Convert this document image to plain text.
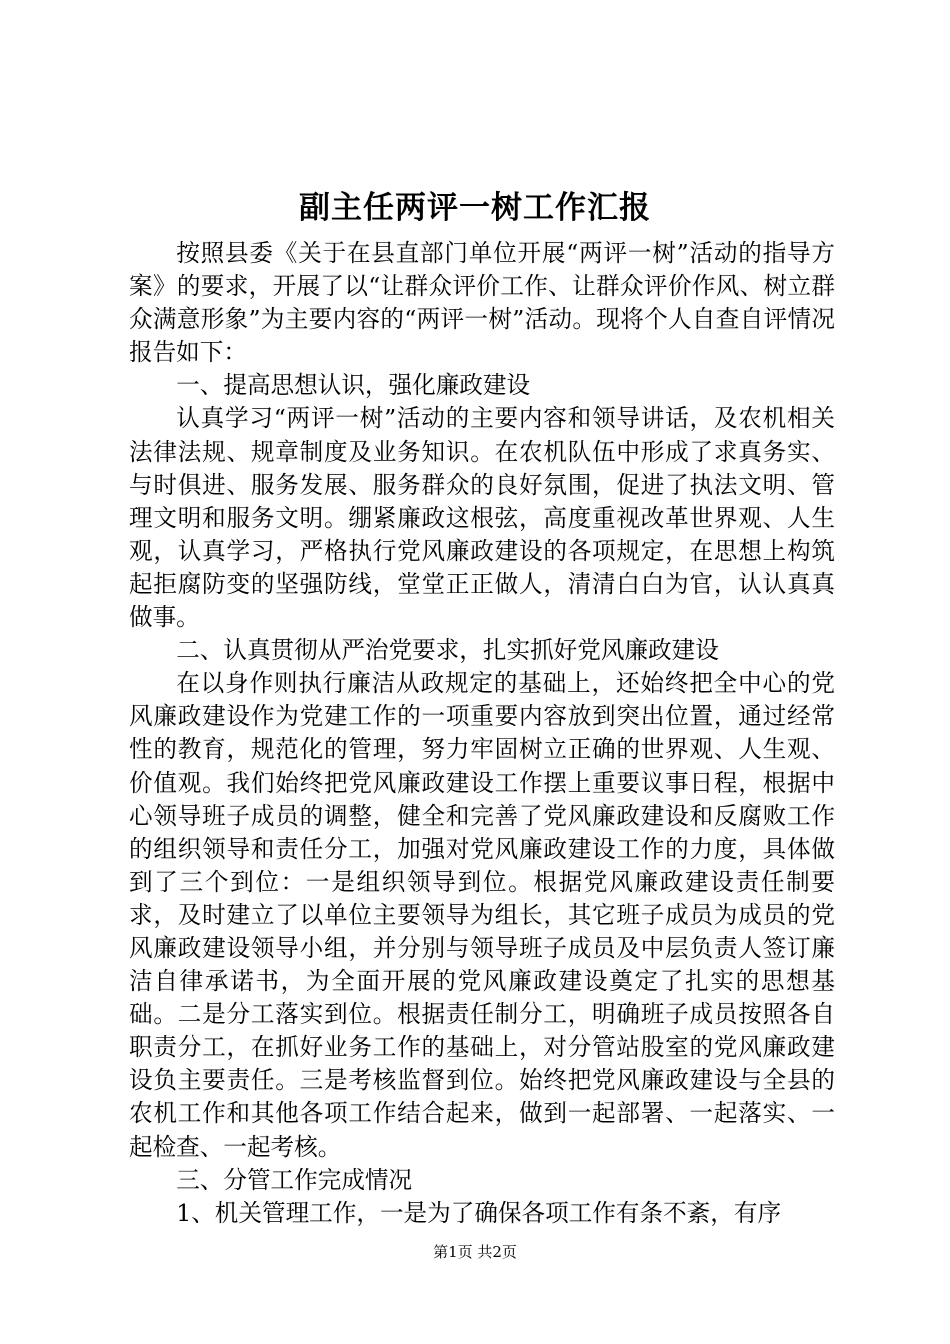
副主任两评一树工作汇报

按照县委《关于在县直部门单位开展“两评一树”活动的指导方案》的要求，开展了以“让群众评价工作、让群众评价作风、树立群众满意形象”为主要内容的“两评一树”活动。现将个人自查自评情况报告如下：

一、提高思想认识，强化廉政建设

认真学习“两评一树”活动的主要内容和领导讲话，及农机相关法律法规、规章制度及业务知识。在农机队伍中形成了求真务实、与时俱进、服务发展、服务群众的良好氛围，促进了执法文明、管理文明和服务文明。绷紧廉政这根弦，高度重视改革世界观、人生观，认真学习，严格执行党风廉政建设的各项规定，在思想上构筑起拒腐防变的坚强防线，堂堂正正做人，清清白白为官，认认真真做事。

二、认真贯彻从严治党要求，扎实抓好党风廉政建设

在以身作则执行廉洁从政规定的基础上，还始终把全中心的党风廉政建设作为党建工作的一项重要内容放到突出位置，通过经常性的教育，规范化的管理，努力牢固树立正确的世界观、人生观、价值观。我们始终把党风廉政建设工作摆上重要议事日程，根据中心领导班子成员的调整，健全和完善了党风廉政建设和反腐败工作的组织领导和责任分工，加强对党风廉政建设工作的力度，具体做到了三个到位：一是组织领导到位。根据党风廉政建设责任制要求，及时建立了以单位主要领导为组长，其它班子成员为成员的党风廉政建设领导小组，并分别与领导班子成员及中层负责人签订廉洁自律承诺书，为全面开展的党风廉政建设奠定了扎实的思想基础。二是分工落实到位。根据责任制分工，明确班子成员按照各自职责分工，在抓好业务工作的基础上，对分管站股室的党风廉政建设负主要责任。三是考核监督到位。始终把党风廉政建设与全县的农机工作和其他各项工作结合起来，做到一起部署、一起落实、一起检查、一起考核。

三、分管工作完成情况

1、机关管理工作，一是为了确保各项工作有条不紊，有序

第1页 共2页
